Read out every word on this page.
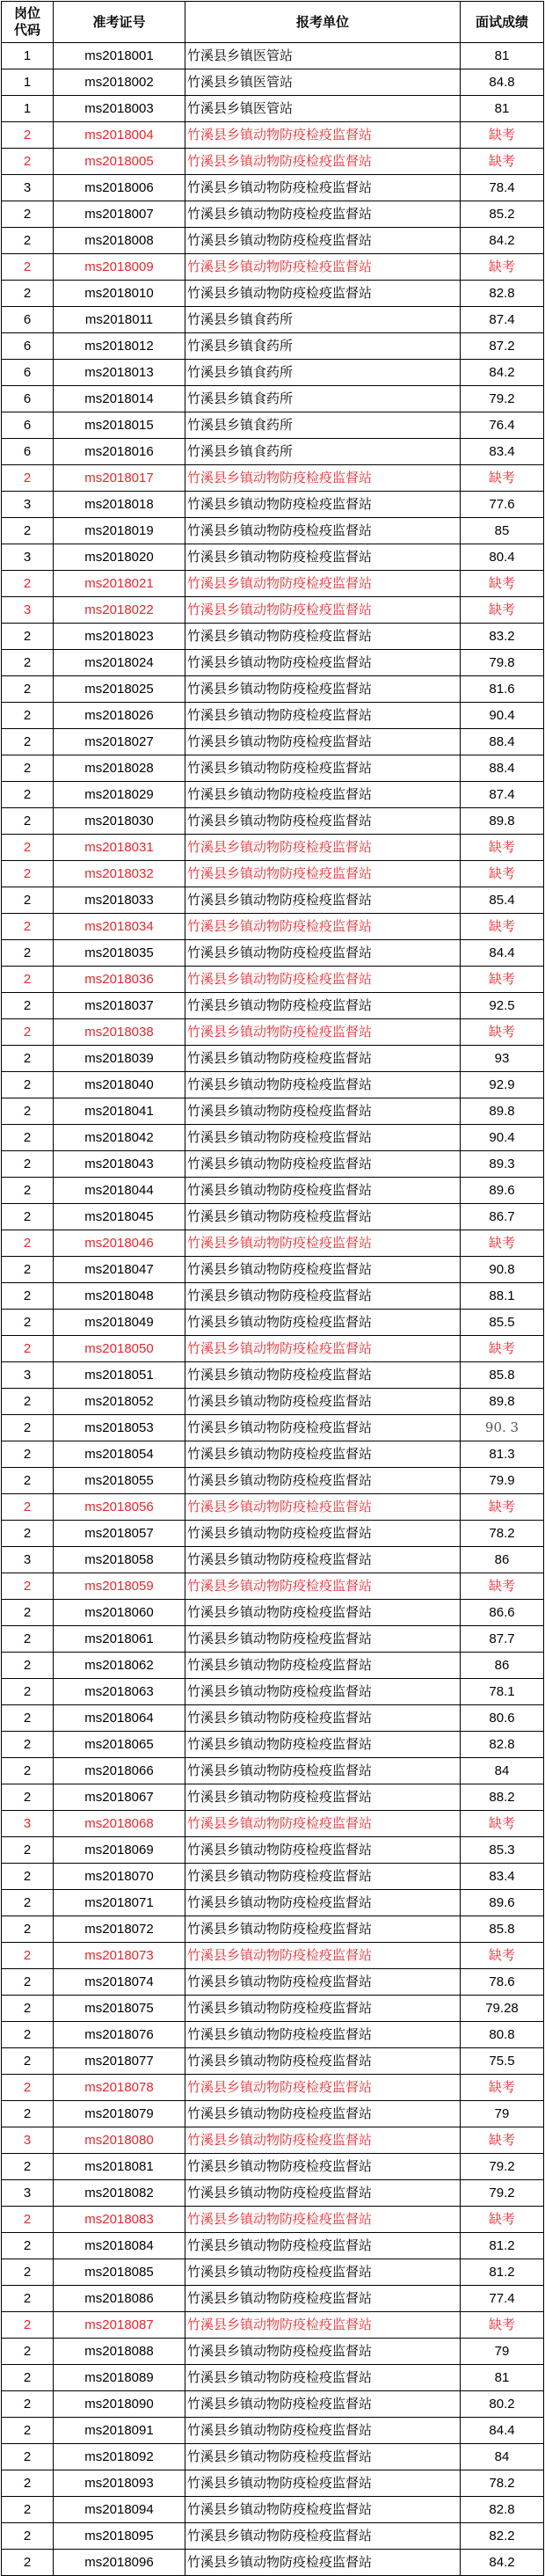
岗位
代码	准考证号	报考单位	面试成绩
1	ms2018001	竹溪县乡镇医管站	81
1	ms2018002	竹溪县乡镇医管站	84.8
1	ms2018003	竹溪县乡镇医管站	81
2	ms2018004	竹溪县乡镇动物防疫检疫监督站	缺考
2	ms2018005	竹溪县乡镇动物防疫检疫监督站	缺考
3	ms2018006	竹溪县乡镇动物防疫检疫监督站	78.4
2	ms2018007	竹溪县乡镇动物防疫检疫监督站	85.2
2	ms2018008	竹溪县乡镇动物防疫检疫监督站	84.2
2	ms2018009	竹溪县乡镇动物防疫检疫监督站	缺考
2	ms2018010	竹溪县乡镇动物防疫检疫监督站	82.8
6	ms2018011	竹溪县乡镇食药所	87.4
6	ms2018012	竹溪县乡镇食药所	87.2
6	ms2018013	竹溪县乡镇食药所	84.2
6	ms2018014	竹溪县乡镇食药所	79.2
6	ms2018015	竹溪县乡镇食药所	76.4
6	ms2018016	竹溪县乡镇食药所	83.4
2	ms2018017	竹溪县乡镇动物防疫检疫监督站	缺考
3	ms2018018	竹溪县乡镇动物防疫检疫监督站	77.6
2	ms2018019	竹溪县乡镇动物防疫检疫监督站	85
3	ms2018020	竹溪县乡镇动物防疫检疫监督站	80.4
2	ms2018021	竹溪县乡镇动物防疫检疫监督站	缺考
3	ms2018022	竹溪县乡镇动物防疫检疫监督站	缺考
2	ms2018023	竹溪县乡镇动物防疫检疫监督站	83.2
2	ms2018024	竹溪县乡镇动物防疫检疫监督站	79.8
2	ms2018025	竹溪县乡镇动物防疫检疫监督站	81.6
2	ms2018026	竹溪县乡镇动物防疫检疫监督站	90.4
2	ms2018027	竹溪县乡镇动物防疫检疫监督站	88.4
2	ms2018028	竹溪县乡镇动物防疫检疫监督站	88.4
2	ms2018029	竹溪县乡镇动物防疫检疫监督站	87.4
2	ms2018030	竹溪县乡镇动物防疫检疫监督站	89.8
2	ms2018031	竹溪县乡镇动物防疫检疫监督站	缺考
2	ms2018032	竹溪县乡镇动物防疫检疫监督站	缺考
2	ms2018033	竹溪县乡镇动物防疫检疫监督站	85.4
2	ms2018034	竹溪县乡镇动物防疫检疫监督站	缺考
2	ms2018035	竹溪县乡镇动物防疫检疫监督站	84.4
2	ms2018036	竹溪县乡镇动物防疫检疫监督站	缺考
2	ms2018037	竹溪县乡镇动物防疫检疫监督站	92.5
2	ms2018038	竹溪县乡镇动物防疫检疫监督站	缺考
2	ms2018039	竹溪县乡镇动物防疫检疫监督站	93
2	ms2018040	竹溪县乡镇动物防疫检疫监督站	92.9
2	ms2018041	竹溪县乡镇动物防疫检疫监督站	89.8
2	ms2018042	竹溪县乡镇动物防疫检疫监督站	90.4
2	ms2018043	竹溪县乡镇动物防疫检疫监督站	89.3
2	ms2018044	竹溪县乡镇动物防疫检疫监督站	89.6
2	ms2018045	竹溪县乡镇动物防疫检疫监督站	86.7
2	ms2018046	竹溪县乡镇动物防疫检疫监督站	缺考
2	ms2018047	竹溪县乡镇动物防疫检疫监督站	90.8
2	ms2018048	竹溪县乡镇动物防疫检疫监督站	88.1
2	ms2018049	竹溪县乡镇动物防疫检疫监督站	85.5
2	ms2018050	竹溪县乡镇动物防疫检疫监督站	缺考
3	ms2018051	竹溪县乡镇动物防疫检疫监督站	85.8
2	ms2018052	竹溪县乡镇动物防疫检疫监督站	89.8
2	ms2018053	竹溪县乡镇动物防疫检疫监督站	90. 3
2	ms2018054	竹溪县乡镇动物防疫检疫监督站	81.3
2	ms2018055	竹溪县乡镇动物防疫检疫监督站	79.9
2	ms2018056	竹溪县乡镇动物防疫检疫监督站	缺考
2	ms2018057	竹溪县乡镇动物防疫检疫监督站	78.2
3	ms2018058	竹溪县乡镇动物防疫检疫监督站	86
2	ms2018059	竹溪县乡镇动物防疫检疫监督站	缺考
2	ms2018060	竹溪县乡镇动物防疫检疫监督站	86.6
2	ms2018061	竹溪县乡镇动物防疫检疫监督站	87.7
2	ms2018062	竹溪县乡镇动物防疫检疫监督站	86
2	ms2018063	竹溪县乡镇动物防疫检疫监督站	78.1
2	ms2018064	竹溪县乡镇动物防疫检疫监督站	80.6
2	ms2018065	竹溪县乡镇动物防疫检疫监督站	82.8
2	ms2018066	竹溪县乡镇动物防疫检疫监督站	84
2	ms2018067	竹溪县乡镇动物防疫检疫监督站	88.2
3	ms2018068	竹溪县乡镇动物防疫检疫监督站	缺考
2	ms2018069	竹溪县乡镇动物防疫检疫监督站	85.3
2	ms2018070	竹溪县乡镇动物防疫检疫监督站	83.4
2	ms2018071	竹溪县乡镇动物防疫检疫监督站	89.6
2	ms2018072	竹溪县乡镇动物防疫检疫监督站	85.8
2	ms2018073	竹溪县乡镇动物防疫检疫监督站	缺考
2	ms2018074	竹溪县乡镇动物防疫检疫监督站	78.6
2	ms2018075	竹溪县乡镇动物防疫检疫监督站	79.28
2	ms2018076	竹溪县乡镇动物防疫检疫监督站	80.8
2	ms2018077	竹溪县乡镇动物防疫检疫监督站	75.5
2	ms2018078	竹溪县乡镇动物防疫检疫监督站	缺考
2	ms2018079	竹溪县乡镇动物防疫检疫监督站	79
3	ms2018080	竹溪县乡镇动物防疫检疫监督站	缺考
2	ms2018081	竹溪县乡镇动物防疫检疫监督站	79.2
3	ms2018082	竹溪县乡镇动物防疫检疫监督站	79.2
2	ms2018083	竹溪县乡镇动物防疫检疫监督站	缺考
2	ms2018084	竹溪县乡镇动物防疫检疫监督站	81.2
2	ms2018085	竹溪县乡镇动物防疫检疫监督站	81.2
2	ms2018086	竹溪县乡镇动物防疫检疫监督站	77.4
2	ms2018087	竹溪县乡镇动物防疫检疫监督站	缺考
2	ms2018088	竹溪县乡镇动物防疫检疫监督站	79
2	ms2018089	竹溪县乡镇动物防疫检疫监督站	81
2	ms2018090	竹溪县乡镇动物防疫检疫监督站	80.2
2	ms2018091	竹溪县乡镇动物防疫检疫监督站	84.4
2	ms2018092	竹溪县乡镇动物防疫检疫监督站	84
2	ms2018093	竹溪县乡镇动物防疫检疫监督站	78.2
2	ms2018094	竹溪县乡镇动物防疫检疫监督站	82.8
2	ms2018095	竹溪县乡镇动物防疫检疫监督站	82.2
2	ms2018096	竹溪县乡镇动物防疫检疫监督站	84.2
